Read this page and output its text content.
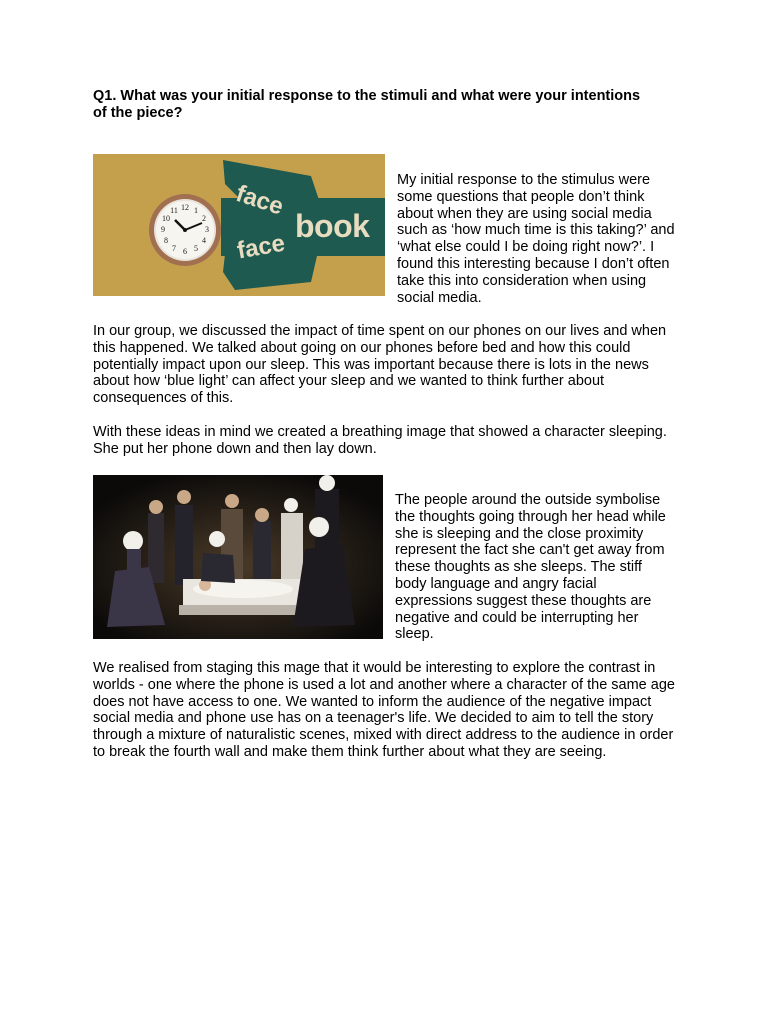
Q1. What was your initial response to the stimuli and what were your intentions of the piece?
face
book
face
12 1
2
3
4
5
6
7
8
9
10
11
My initial response to the stimulus were some questions that people don’t think about when they are using social media such as ‘how much time is this taking?’ and ‘what else could I be doing right now?’. I found this interesting because I don’t often take this into consideration when using social media.
In our group, we discussed the impact of time spent on our phones on our lives and when this happened. We talked about going on our phones before bed and how this could potentially impact upon our sleep. This was important because there is lots in the news about how ‘blue light’ can affect your sleep and we wanted to think further about consequences of this.
With these ideas in mind we created a breathing image that showed a character sleeping. She put her phone down and then lay down.
The people around the outside symbolise the thoughts going through her head while she is sleeping and the close proximity represent the fact she can't get away from these thoughts as she sleeps. The stiff body language and angry facial expressions suggest these thoughts are negative and could be interrupting her sleep.
We realised from staging this mage that it would be interesting to explore the contrast in worlds - one where the phone is used a lot and another where a character of the same age does not have access to one. We wanted to inform the audience of the negative impact social media and phone use has on a teenager's life. We decided to aim to tell the story through a mixture of naturalistic scenes, mixed with direct address to the audience in order to break the fourth wall and make them think further about what they are seeing.
